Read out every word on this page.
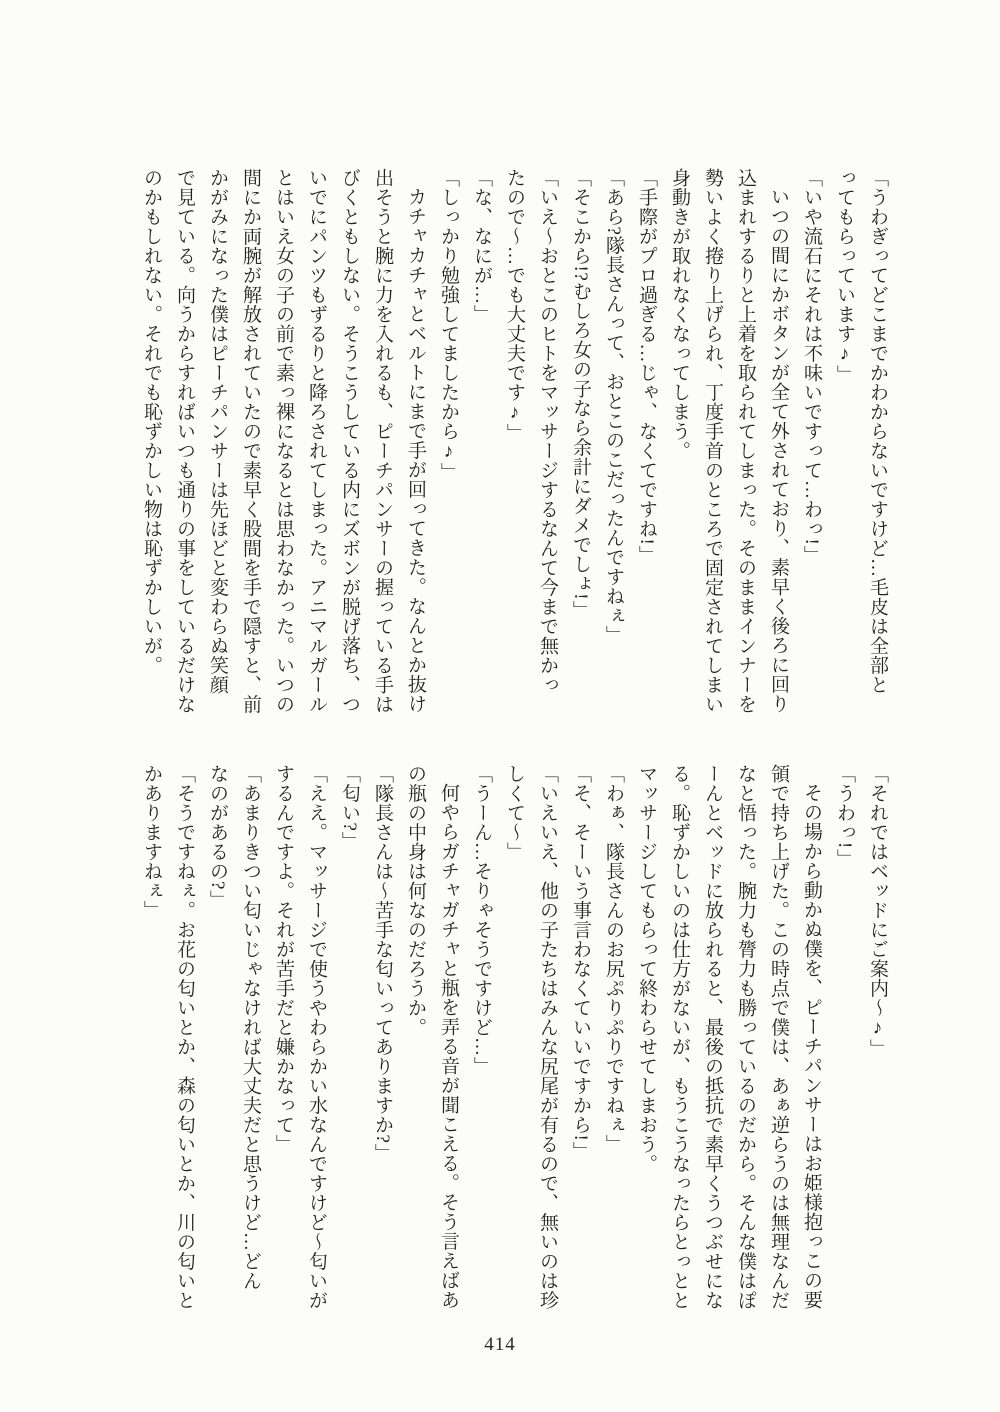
「うわぎってどこまでかわからないですけど…毛皮は全部と

ってもらっています♪」

「いや流石にそれは不味いですって…わっ!」

いつの間にかボタンが全て外されており、素早く後ろに回り

込まれするりと上着を取られてしまった。そのままインナーを

勢いよく捲り上げられ、丁度手首のところで固定されてしまい

身動きが取れなくなってしまう。

「手際がプロ過ぎる…じゃ、なくてですね!」

「あら?隊長さんって、おとこのこだったんですねぇ」

「そこから!?むしろ女の子なら余計にダメでしょ!」

「いえ〜おとこのヒトをマッサージするなんて今まで無かっ

たので〜…でも大丈夫です♪」

「な、なにが…」

「しっかり勉強してましたから♪」

カチャカチャとベルトにまで手が回ってきた。なんとか抜け

出そうと腕に力を入れるも、ピーチパンサーの握っている手は

びくともしない。そうこうしている内にズボンが脱げ落ち、つ

いでにパンツもずるりと降ろされてしまった。アニマルガール

とはいえ女の子の前で素っ裸になるとは思わなかった。いつの

間にか両腕が解放されていたので素早く股間を手で隠すと、前

かがみになった僕はピーチパンサーは先ほどと変わらぬ笑顔

で見ている。向うからすればいつも通りの事をしているだけな

のかもしれない。それでも恥ずかしい物は恥ずかしいが。

「それではベッドにご案内〜♪」

「うわっ!」

その場から動かぬ僕を、ピーチパンサーはお姫様抱っこの要

領で持ち上げた。この時点で僕は、あぁ逆らうのは無理なんだ

なと悟った。腕力も膂力も勝っているのだから。そんな僕はぽ

ーんとベッドに放られると、最後の抵抗で素早くうつぶせにな

る。恥ずかしいのは仕方がないが、もうこうなったらとっとと

マッサージしてもらって終わらせてしまおう。

「わぁ、隊長さんのお尻ぷりぷりですねぇ」

「そ、そーいう事言わなくていいですから!」

「いえいえ、他の子たちはみんな尻尾が有るので、無いのは珍

しくて〜」

「うーん…そりゃそうですけど…」

何やらガチャガチャと瓶を弄る音が聞こえる。そう言えばあ

の瓶の中身は何なのだろうか。

「隊長さんは〜苦手な匂いってありますか?」

「匂い?」

「ええ。マッサージで使うやわらかい水なんですけど〜匂いが

するんですよ。それが苦手だと嫌かなって」

「あまりきつい匂いじゃなければ大丈夫だと思うけど…どん

なのがあるの?」

「そうですねぇ。お花の匂いとか、森の匂いとか、川の匂いと

かありますねぇ」

414
